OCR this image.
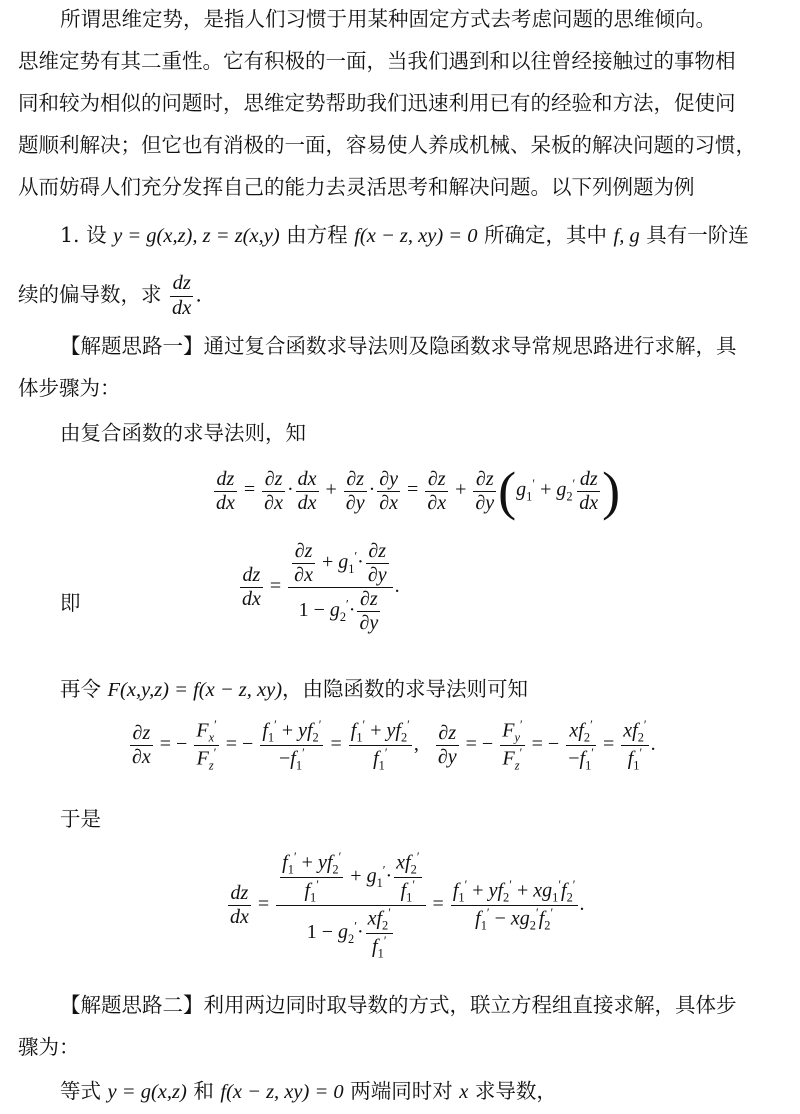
所谓思维定势，是指人们习惯于用某种固定方式去考虑问题的思维倾向。
思维定势有其二重性。它有积极的一面，当我们遇到和以往曾经接触过的事物相
同和较为相似的问题时，思维定势帮助我们迅速利用已有的经验和方法，促使问
题顺利解决；但它也有消极的一面，容易使人养成机械、呆板的解决问题的习惯，
从而妨碍人们充分发挥自己的能力去灵活思考和解决问题。以下列例题为例
1. 设 y = g(x,z), z = z(x,y) 由方程 f(x − z, xy) = 0 所确定，其中 f, g 具有一阶连
续的偏导数，求 $\frac{dz}{dx}$ .
【解题思路一】通过复合函数求导法则及隐函数求导常规思路进行求解，具
体步骤为：
由复合函数的求导法则，知
$\frac{dz}{dx} = \frac{\partial z}{\partial x} \cdot \frac{dx}{dx} + \frac{\partial z}{\partial y} \cdot \frac{\partial y}{\partial x} = \frac{\partial z}{\partial x} + \frac{\partial z}{\partial y} (g_1' + g_2' \frac{dz}{dx}$ )
即	$\frac{dz}{dx} = \frac{\frac{\partial z}{\partial x} + g_1'\cdot \frac{\partial z}{\partial y}}{1 - g_2'\cdot \frac{\partial z}{\partial y}}$ .
再令 F(x,y,z) = f(x − z, xy)，由隐函数的求导法则可知
$\frac{\partial z}{\partial x}$ = − $\frac{F_x'}{F_z'}$ = − $\frac{f_1' + yf_2'}{-f_1'} = \frac{f_1' + yf_2'}{f_1'}$ , $\frac{\partial z}{\partial y}$ = − $\frac{F_y'}{F_z'}$ = − $\frac{xf_2'}{-f_1'} = \frac{xf_2'}{f_1'}$ .
于是
$\frac{dz}{dx} = \frac{\frac{f_1' + yf_2'}{f_1'} + g_1'\cdot \frac{xf_2'}{f_1'}}{1 - g_2'\cdot \frac{xf_2'}{f_1'}} = \frac{f_1' + yf_2' + xg_1'f_2'}{f_1' - xg_2'f_2'}$ .
【解题思路二】利用两边同时取导数的方式，联立方程组直接求解，具体步
骤为：
等式 y = g(x,z) 和 f(x − z, xy) = 0 两端同时对 x 求导数，
